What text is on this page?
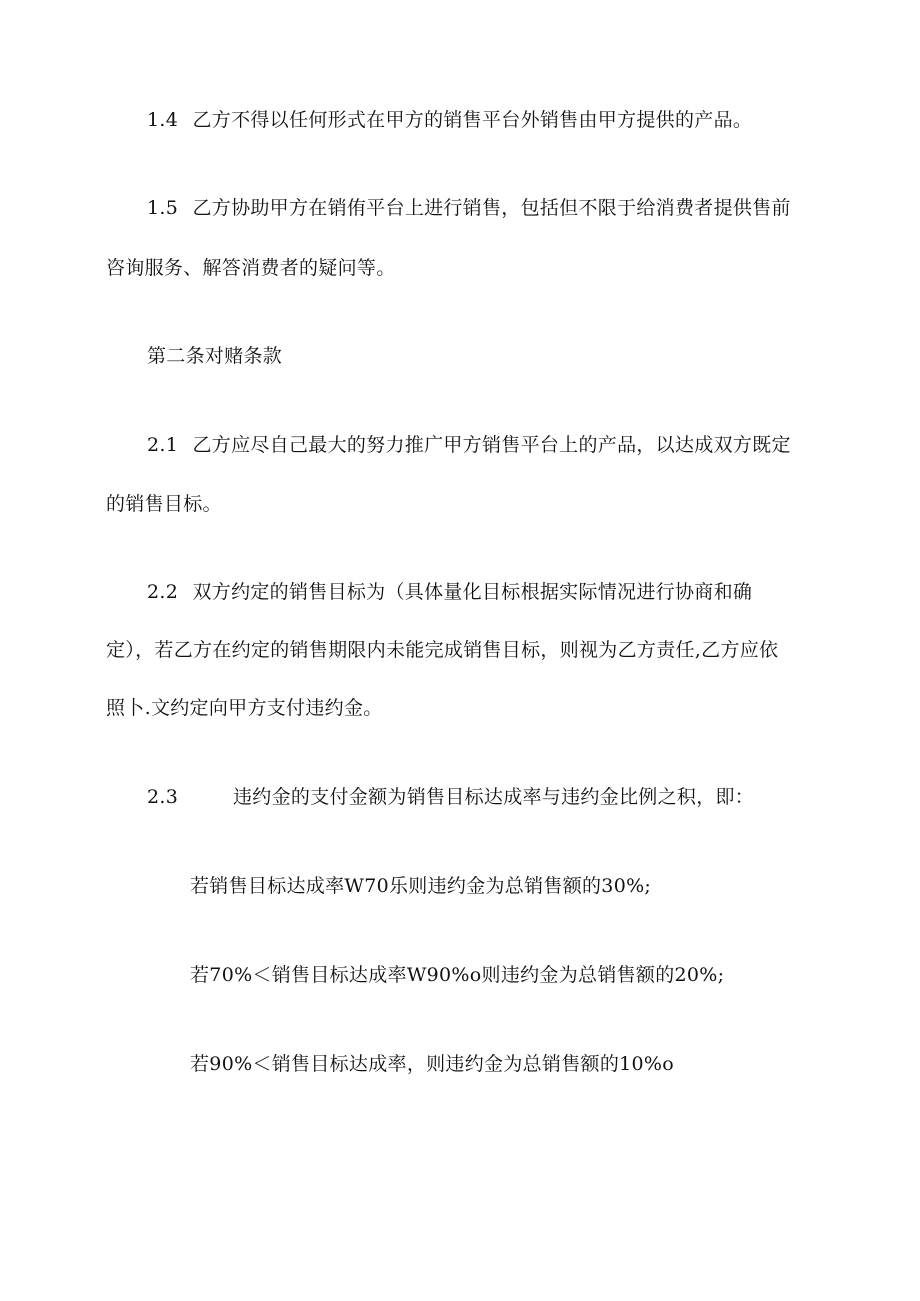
1.4 乙方不得以任何形式在甲方的销售平台外销售由甲方提供的产品。
1.5 乙方协助甲方在销侑平台上进行销售，包括但不限于给消费者提供售前
咨询服务、解答消费者的疑问等。
第二条对赌条款
2.1 乙方应尽自己最大的努力推广甲方销售平台上的产品，以达成双方既定
的销售目标。
2.2 双方约定的销售目标为（具体量化目标根据实际情况进行协商和确
定），若乙方在约定的销售期限内未能完成销售目标，则视为乙方责任,乙方应依
照卜.文约定向甲方支付违约金。
2.3	违约金的支付金额为销售目标达成率与违约金比例之积，即：
若销售目标达成率W70乐则违约金为总销售额的30%;
若70%＜销售目标达成率W90%o则违约金为总销售额的20%;
若90%＜销售目标达成率，则违约金为总销售额的10%o
